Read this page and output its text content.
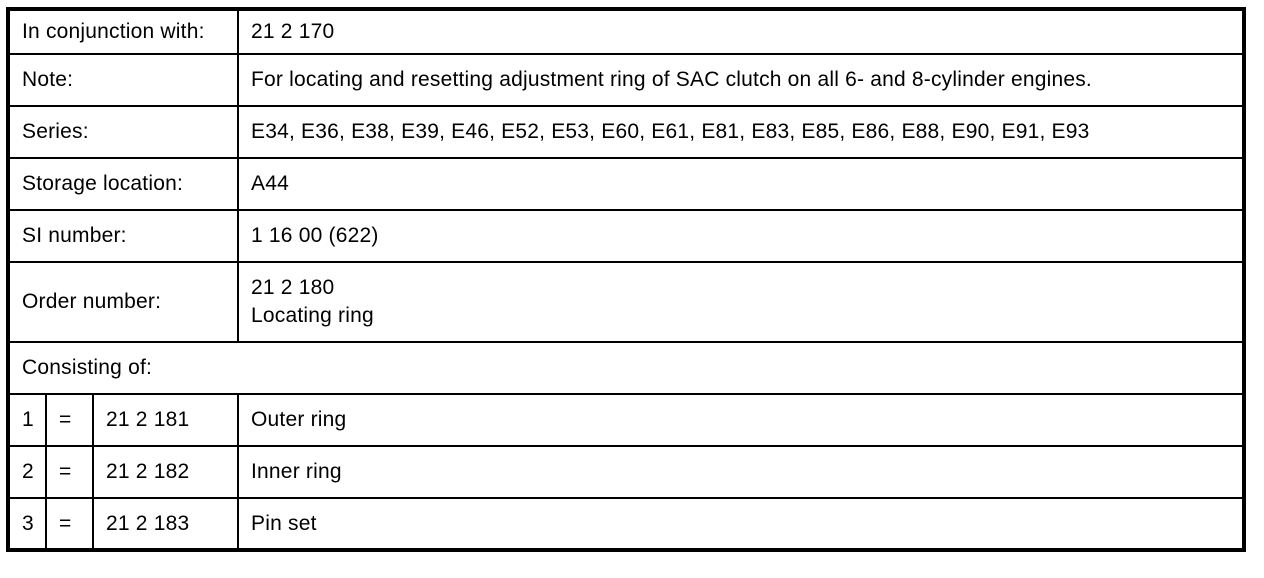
In conjunction with:			21 2 170
Note:			For locating and resetting adjustment ring of SAC clutch on all 6- and 8-cylinder engines.
Series:			E34, E36, E38, E39, E46, E52, E53, E60, E61, E81, E83, E85, E86, E88, E90, E91, E93
Storage location:			A44
SI number:			1 16 00 (622)
Order number:			21 2 180
Locating ring

Consisting of:			
1	=	21 2 181	Outer ring
2	=	21 2 182	Inner ring
3	=	21 2 183	Pin set
